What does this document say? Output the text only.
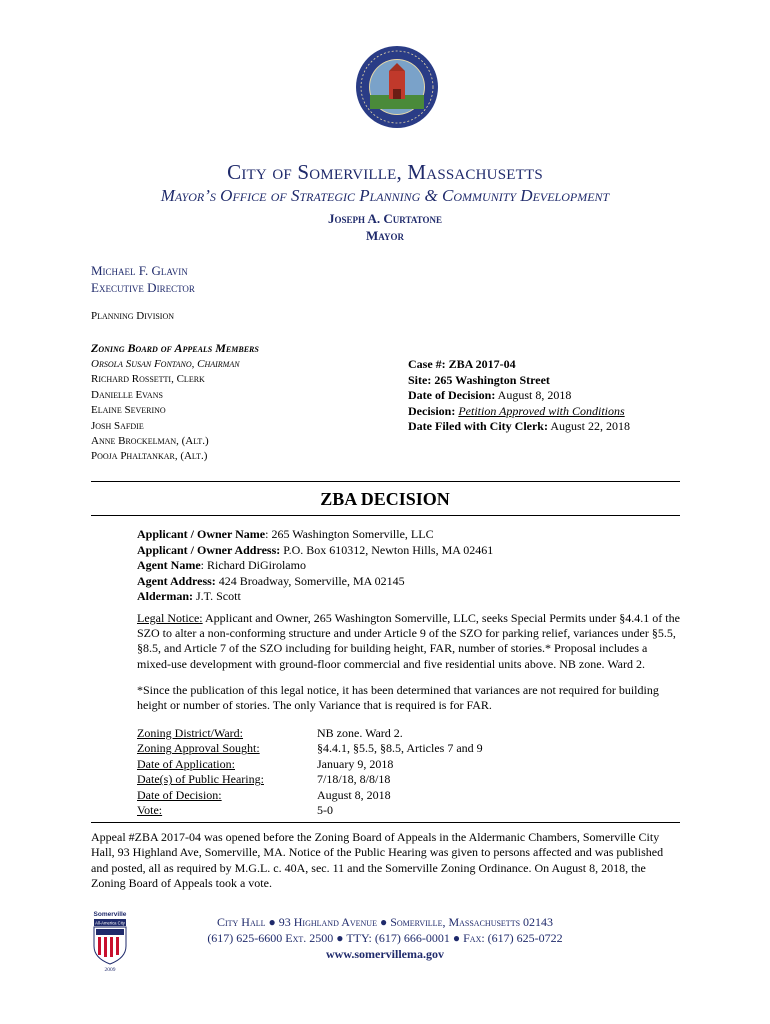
City of Somerville, Massachusetts
Mayor’s Office of Strategic Planning & Community Development
Joseph A. Curtatone
Mayor
Michael F. Glavin
Executive Director
Planning Division
Zoning Board of Appeals Members
Orsola Susan Fontano, Chairman
Richard Rossetti, Clerk
Danielle Evans
Elaine Severino
Josh Safdie
Anne Brockelman, (Alt.)
Pooja Phaltankar, (Alt.)
Case #: ZBA 2017-04
Site: 265 Washington Street
Date of Decision: August 8, 2018
Decision: Petition Approved with Conditions
Date Filed with City Clerk: August 22, 2018
ZBA DECISION
Applicant / Owner Name: 265 Washington Somerville, LLC
Applicant / Owner Address: P.O. Box 610312, Newton Hills, MA 02461
Agent Name: Richard DiGirolamo
Agent Address: 424 Broadway, Somerville, MA 02145
Alderman: J.T. Scott
Legal Notice: Applicant and Owner, 265 Washington Somerville, LLC, seeks Special Permits under §4.4.1 of the SZO to alter a non-conforming structure and under Article 9 of the SZO for parking relief, variances under §5.5, §8.5, and Article 7 of the SZO including for building height, FAR, number of stories.* Proposal includes a mixed-use development with ground-floor commercial and five residential units above. NB zone. Ward 2.
*Since the publication of this legal notice, it has been determined that variances are not required for building height or number of stories. The only Variance that is required is for FAR.
Zoning District/Ward:
Zoning Approval Sought:
Date of Application:
Date(s) of Public Hearing:
Date of Decision:
Vote:
NB zone. Ward 2.
§4.4.1, §5.5, §8.5, Articles 7 and 9
January 9, 2018
7/18/18, 8/8/18
August 8, 2018
5-0
Appeal #ZBA 2017-04 was opened before the Zoning Board of Appeals in the Aldermanic Chambers, Somerville City Hall, 93 Highland Ave, Somerville, MA. Notice of the Public Hearing was given to persons affected and was published and posted, all as required by M.G.L. c. 40A, sec. 11 and the Somerville Zoning Ordinance. On August 8, 2018, the Zoning Board of Appeals took a vote.
Somerville
All-America City
2009
City Hall ● 93 Highland Avenue ● Somerville, Massachusetts 02143
(617) 625-6600 Ext. 2500 ● TTY: (617) 666-0001 ● Fax: (617) 625-0722
www.somervillema.gov
